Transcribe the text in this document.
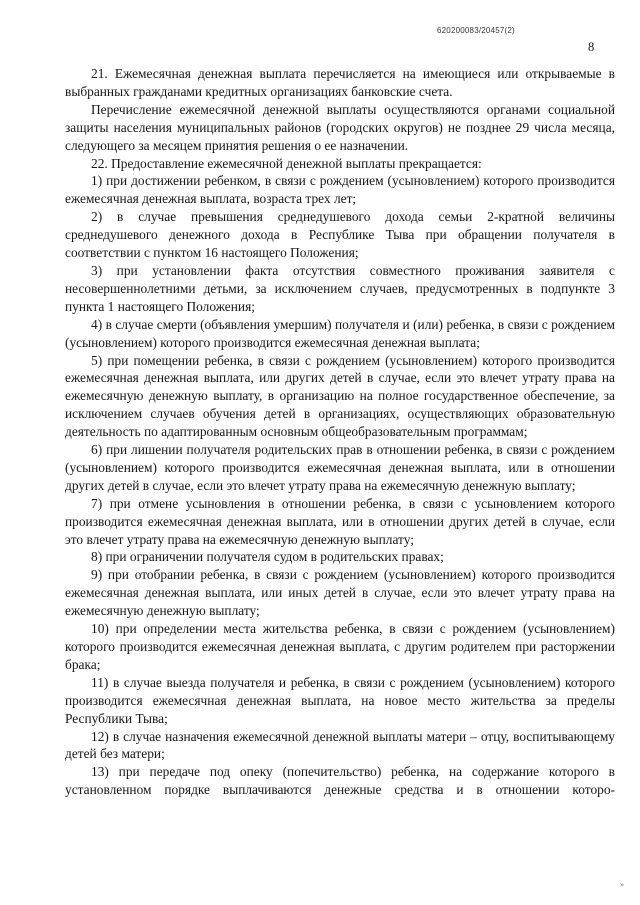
620200083/20457(2)
8

21. Ежемесячная денежная выплата перечисляется на имеющиеся или открываемые в выбранных гражданами кредитных организациях банковские счета.

Перечисление ежемесячной денежной выплаты осуществляются органами социальной защиты населения муниципальных районов (городских округов) не позднее 29 числа месяца, следующего за месяцем принятия решения о ее назначении.

22. Предоставление ежемесячной денежной выплаты прекращается:

1) при достижении ребенком, в связи с рождением (усыновлением) которого производится ежемесячная денежная выплата, возраста трех лет;

2) в случае превышения среднедушевого дохода семьи 2-кратной величины среднедушевого денежного дохода в Республике Тыва при обращении получателя в соответствии с пунктом 16 настоящего Положения;

3) при установлении факта отсутствия совместного проживания заявителя с несовершеннолетними детьми, за исключением случаев, предусмотренных в подпункте 3 пункта 1 настоящего Положения;

4) в случае смерти (объявления умершим) получателя и (или) ребенка, в связи с рождением (усыновлением) которого производится ежемесячная денежная выплата;

5) при помещении ребенка, в связи с рождением (усыновлением) которого производится ежемесячная денежная выплата, или других детей в случае, если это влечет утрату права на ежемесячную денежную выплату, в организацию на полное государственное обеспечение, за исключением случаев обучения детей в организациях, осуществляющих образовательную деятельность по адаптированным основным общеобразовательным программам;

6) при лишении получателя родительских прав в отношении ребенка, в связи с рождением (усыновлением) которого производится ежемесячная денежная выплата, или в отношении других детей в случае, если это влечет утрату права на ежемесячную денежную выплату;

7) при отмене усыновления в отношении ребенка, в связи с усыновлением которого производится ежемесячная денежная выплата, или в отношении других детей в случае, если это влечет утрату права на ежемесячную денежную выплату;

8) при ограничении получателя судом в родительских правах;

9) при отобрании ребенка, в связи с рождением (усыновлением) которого производится ежемесячная денежная выплата, или иных детей в случае, если это влечет утрату права на ежемесячную денежную выплату;

10) при определении места жительства ребенка, в связи с рождением (усыновлением) которого производится ежемесячная денежная выплата, с другим родителем при расторжении брака;

11) в случае выезда получателя и ребенка, в связи с рождением (усыновлением) которого производится ежемесячная денежная выплата, на новое место жительства за пределы Республики Тыва;

12) в случае назначения ежемесячной денежной выплаты матери – отцу, воспитывающему детей без матери;

13) при передаче под опеку (попечительство) ребенка, на содержание которого в установленном порядке выплачиваются денежные средства и в отношении которо-

»
